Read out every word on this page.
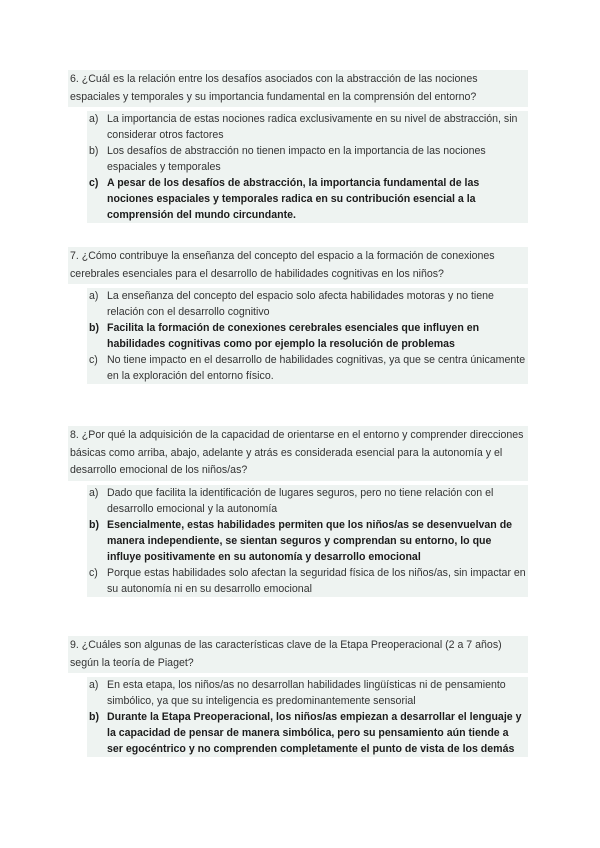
6. ¿Cuál es la relación entre los desafíos asociados con la abstracción de las nociones espaciales y temporales y su importancia fundamental en la comprensión del entorno?
a) La importancia de estas nociones radica exclusivamente en su nivel de abstracción, sin considerar otros factores
b) Los desafíos de abstracción no tienen impacto en la importancia de las nociones espaciales y temporales
c) A pesar de los desafíos de abstracción, la importancia fundamental de las nociones espaciales y temporales radica en su contribución esencial a la comprensión del mundo circundante.
7. ¿Cómo contribuye la enseñanza del concepto del espacio a la formación de conexiones cerebrales esenciales para el desarrollo de habilidades cognitivas en los niños?
a) La enseñanza del concepto del espacio solo afecta habilidades motoras y no tiene relación con el desarrollo cognitivo
b) Facilita la formación de conexiones cerebrales esenciales que influyen en habilidades cognitivas como por ejemplo la resolución de problemas
c) No tiene impacto en el desarrollo de habilidades cognitivas, ya que se centra únicamente en la exploración del entorno físico.
8. ¿Por qué la adquisición de la capacidad de orientarse en el entorno y comprender direcciones básicas como arriba, abajo, adelante y atrás es considerada esencial para la autonomía y el desarrollo emocional de los niños/as?
a) Dado que facilita la identificación de lugares seguros, pero no tiene relación con el desarrollo emocional y la autonomía
b) Esencialmente, estas habilidades permiten que los niños/as se desenvuelvan de manera independiente, se sientan seguros y comprendan su entorno, lo que influye positivamente en su autonomía y desarrollo emocional
c) Porque estas habilidades solo afectan la seguridad física de los niños/as, sin impactar en su autonomía ni en su desarrollo emocional
9. ¿Cuáles son algunas de las características clave de la Etapa Preoperacional (2 a 7 años) según la teoría de Piaget?
a) En esta etapa, los niños/as no desarrollan habilidades lingüísticas ni de pensamiento simbólico, ya que su inteligencia es predominantemente sensorial
b) Durante la Etapa Preoperacional, los niños/as empiezan a desarrollar el lenguaje y la capacidad de pensar de manera simbólica, pero su pensamiento aún tiende a ser egocéntrico y no comprenden completamente el punto de vista de los demás
